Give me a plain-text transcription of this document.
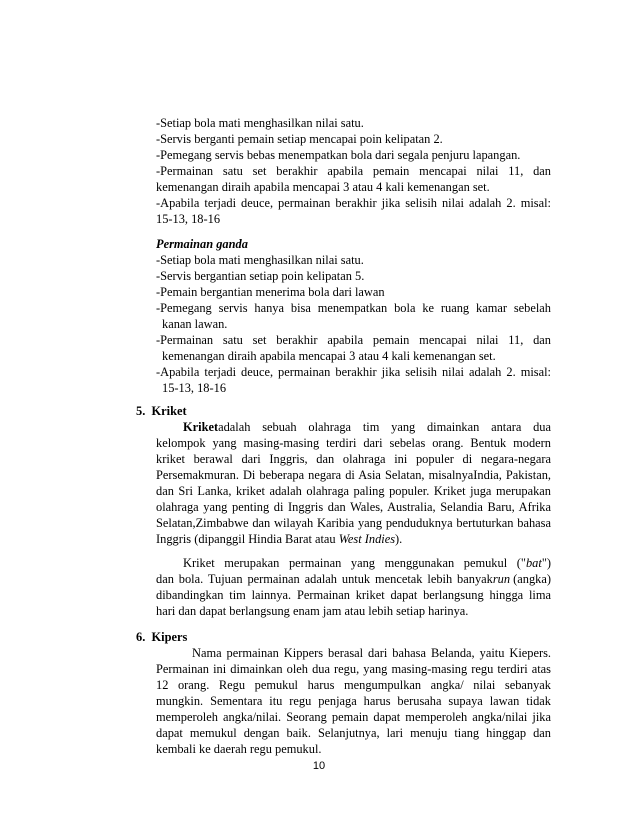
-Setiap bola mati menghasilkan nilai satu.
-Servis berganti pemain setiap mencapai poin kelipatan 2.
-Pemegang servis bebas menempatkan bola dari segala penjuru lapangan.
-Permainan satu set berakhir apabila pemain mencapai nilai 11, dan
kemenangan diraih apabila mencapai 3 atau 4 kali kemenangan set.
-Apabila terjadi deuce, permainan berakhir jika selisih nilai adalah 2. misal:
15-13, 18-16
Permainan ganda
-Setiap bola mati menghasilkan nilai satu.
-Servis bergantian setiap poin kelipatan 5.
-Pemain bergantian menerima bola dari lawan
-Pemegang servis hanya bisa menempatkan bola ke ruang kamar sebelah
kanan lawan.
-Permainan satu set berakhir apabila pemain mencapai nilai 11, dan
kemenangan diraih apabila mencapai 3 atau 4 kali kemenangan set.
-Apabila terjadi deuce, permainan berakhir jika selisih nilai adalah 2. misal:
15-13, 18-16
5.  Kriket
Kriket adalah sebuah olahraga tim yang dimainkan antara dua
kelompok yang masing-masing terdiri dari sebelas orang. Bentuk modern
kriket berawal dari Inggris, dan olahraga ini populer di negara-negara
Persemakmuran. Di beberapa negara di Asia Selatan, misalnyaIndia, Pakistan,
dan Sri Lanka, kriket adalah olahraga paling populer. Kriket juga merupakan
olahraga yang penting di Inggris dan Wales, Australia, Selandia Baru, Afrika
Selatan,Zimbabwe dan wilayah Karibia yang penduduknya bertuturkan bahasa
Inggris (dipanggil Hindia Barat atau West Indies).
Kriket merupakan permainan yang menggunakan pemukul (" bat ")
dan bola. Tujuan permainan adalah untuk mencetak lebih banyak run (angka)
dibandingkan tim lainnya. Permainan kriket dapat berlangsung hingga lima
hari dan dapat berlangsung enam jam atau lebih setiap harinya.
6.  Kipers
Nama permainan Kippers berasal dari bahasa Belanda, yaitu Kiepers.
Permainan ini dimainkan oleh dua regu, yang masing-masing regu terdiri atas
12 orang. Regu pemukul harus mengumpulkan angka/ nilai sebanyak
mungkin. Sementara itu regu penjaga harus berusaha supaya lawan tidak
memperoleh angka/nilai. Seorang pemain dapat memperoleh angka/nilai jika
dapat memukul dengan baik. Selanjutnya, lari menuju tiang hinggap dan
kembali ke daerah regu pemukul.
10
